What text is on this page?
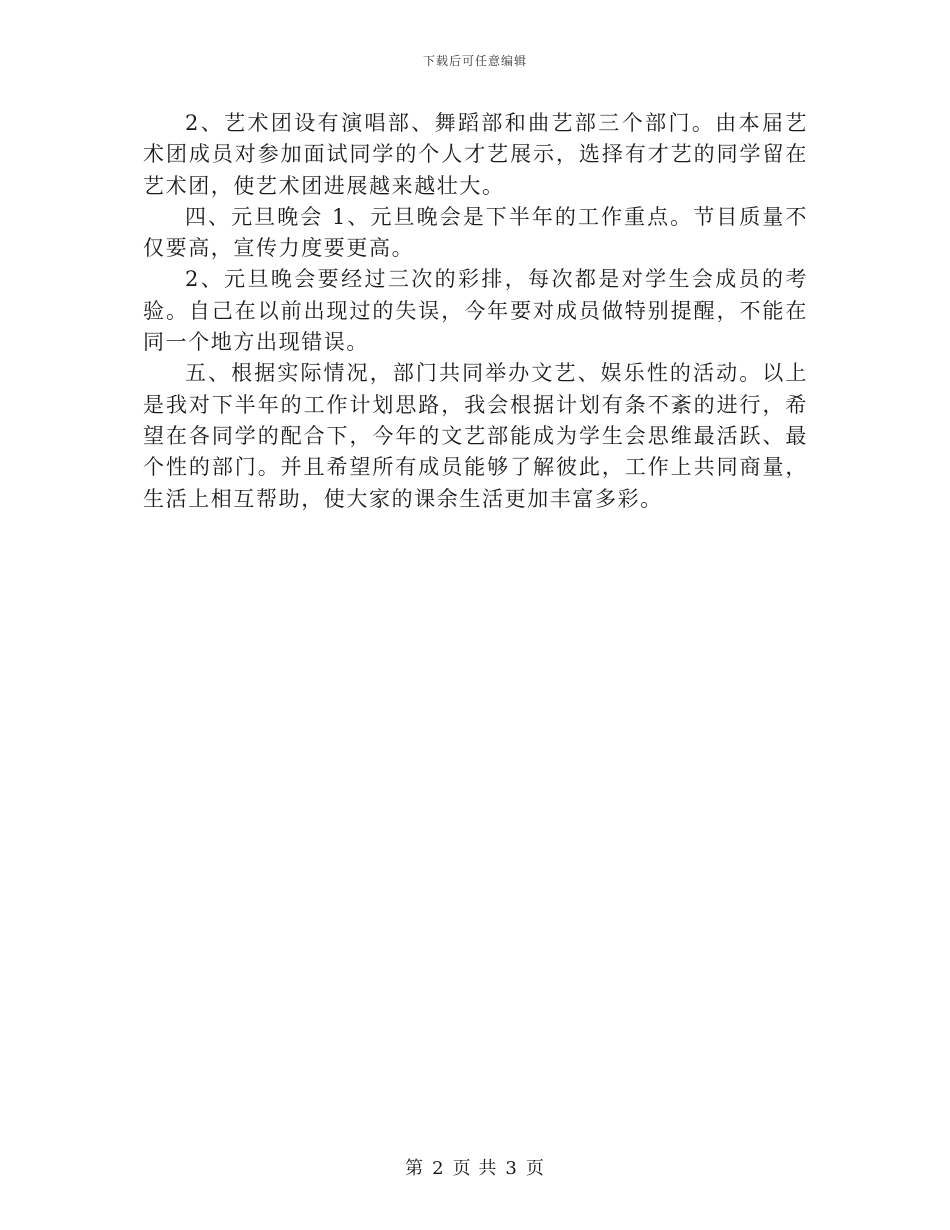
下载后可任意编辑

2、艺术团设有演唱部、舞蹈部和曲艺部三个部门。由本届艺术团成员对参加面试同学的个人才艺展示，选择有才艺的同学留在艺术团，使艺术团进展越来越壮大。

四、元旦晚会 1、元旦晚会是下半年的工作重点。节目质量不仅要高，宣传力度要更高。

2、元旦晚会要经过三次的彩排，每次都是对学生会成员的考验。自己在以前出现过的失误，今年要对成员做特别提醒，不能在同一个地方出现错误。

五、根据实际情况，部门共同举办文艺、娱乐性的活动。以上是我对下半年的工作计划思路，我会根据计划有条不紊的进行，希望在各同学的配合下，今年的文艺部能成为学生会思维最活跃、最个性的部门。并且希望所有成员能够了解彼此，工作上共同商量，生活上相互帮助，使大家的课余生活更加丰富多彩。

第 2 页 共 3 页
